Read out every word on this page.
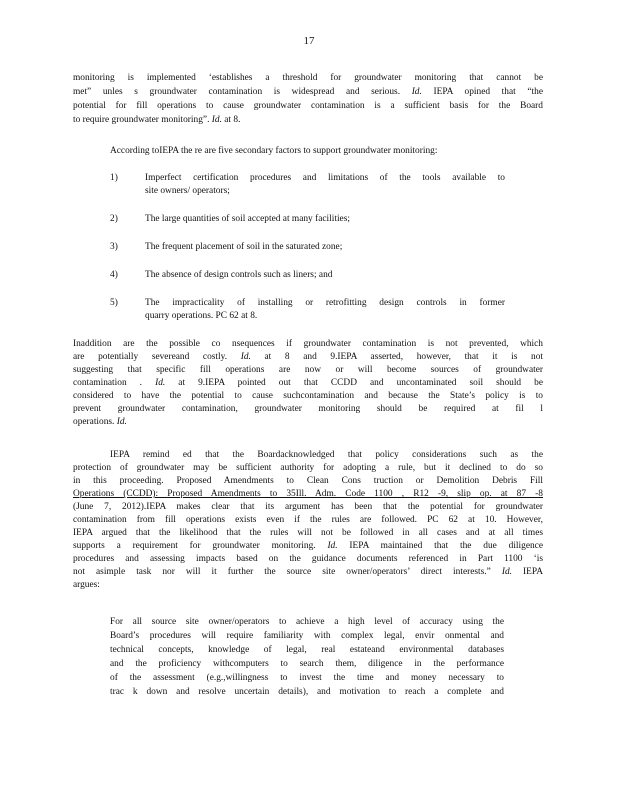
17
monitoring is implemented ‘establishes a threshold for groundwater monitoring that cannot be
met” unles s groundwater contamination is widespread and serious. Id. IEPA opined that “the
potential for fill operations to cause groundwater contamination is a sufficient basis for the Board
to require groundwater monitoring”. Id. at 8.
According toIEPA the re are five secondary factors to support groundwater monitoring:
1)	Imperfect certification procedures and limitations of the tools available to
site owners/ operators;
2)	The large quantities of soil accepted at many facilities;
3)	The frequent placement of soil in the saturated zone;
4)	The absence of design controls such as liners; and
5)	The impracticality of installing or retrofitting design controls in former
quarry operations. PC 62 at 8.
Inaddition are the possible co nsequences if groundwater contamination is not prevented, which
are potentially severeand costly. Id. at 8 and 9.IEPA asserted, however, that it is not
suggesting that specific fill operations are now or will become sources of groundwater
contamination . Id. at 9.IEPA pointed out that CCDD and uncontaminated soil should be
considered to have the potential to cause suchcontamination and because the State’s policy is to
prevent groundwater contamination, groundwater monitoring should be required at fil l
operations. Id.
IEPA remind ed that the Boardacknowledged that policy considerations such as the
protection of groundwater may be sufficient authority for adopting a rule, but it declined to do so
in this proceeding. Proposed Amendments to Clean Cons truction or Demolition Debris Fill
Operations (CCDD): Proposed Amendments to 35Ill. Adm. Code 1100 , R12 -9, slip op. at 87 -8
(June 7, 2012).IEPA makes clear that its argument has been that the potential for groundwater
contamination from fill operations exists even if the rules are followed. PC 62 at 10. However,
IEPA argued that the likelihood that the rules will not be followed in all cases and at all times
supports a requirement for groundwater monitoring. Id. IEPA maintained that the due diligence
procedures and assessing impacts based on the guidance documents referenced in Part 1100 ‘is
not asimple task nor will it further the source site owner/operators’ direct interests.” Id. IEPA
argues:
For all source site owner/operators to achieve a high level of accuracy using the
Board’s procedures will require familiarity with complex legal, envir onmental and
technical concepts, knowledge of legal, real estateand environmental databases
and the proficiency withcomputers to search them, diligence in the performance
of the assessment (e.g.,willingness to invest the time and money necessary to
trac k down and resolve uncertain details), and motivation to reach a complete and
